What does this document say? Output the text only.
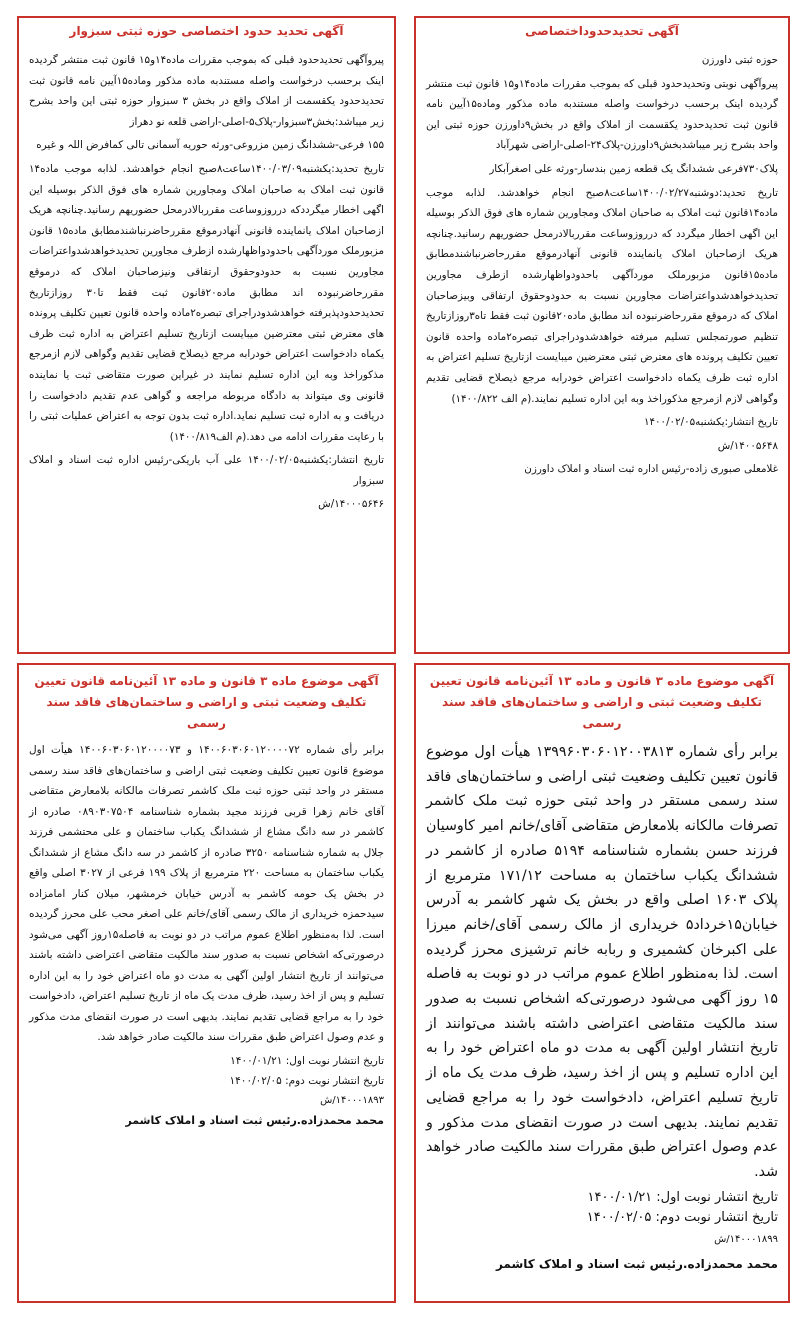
آگهی تحدیدحدوداختصاصی

حوزه ثبتی داورزن

پیروآگهی نوبتی وتحدیدحدود قبلی که بموجب مقررات ماده۱۴و۱۵ قانون ثبت منتشر گردیده اینک برحسب درخواست واصله مستندبه ماده مذکور وماده۱۵آیین نامه قانون ثبت تحدیدحدود یکقسمت از املاک واقع در بخش۹داورزن حوزه ثبتی این واحد بشرح زیر میباشدبخش۹داورزن-پلاک۲۴-اصلی-اراضی شهرآباد

پلاک۷۳۰فرعی ششدانگ یک قطعه زمین بندسار-ورثه علی اصغرآبکار

تاریخ تحدید:دوشنبه۱۴۰۰/۰۲/۲۷ساعت۸صبح انجام خواهدشد. لذابه موجب ماده۱۴قانون ثبت املاک به صاحبان املاک ومجاورین شماره های فوق الذکر بوسیله این اگهی اخطار میگردد که درروزوساعت مقرربالادرمحل حضوریهم رسانید.چنانچه هریک ازصاحبان املاک یانماینده قانونی آنهادرموقع مقررحاضرنباشندمطابق ماده۱۵قانون مزبورملک موردآگهی باحدودواظهارشده ازطرف مجاورین تحدیدخواهدشدواعتراضات مجاورین نسبت به حدودوحقوق ارتفاقی وبیزصاحبان املاک که درموقع مقررحاضرنبوده اند مطابق ماده۲۰قانون ثبت فقط تاه۳روزازتاریخ تنظیم صورتمجلس تسلیم مبرفته خواهدشدودراجرای تبصره۲ماده واحده قانون تعیین تکلیف پرونده های معترض ثبتی معترضین میبایست ازتاریخ تسلیم اعتراض به اداره ثبت ظرف یکماه دادخواست اعتراض خودرابه مرجع ذیصلاح قضایی تقدیم وگواهی لازم ازمرجع مذکوراخذ وبه این اداره تسلیم نمایند.(م الف ۱۴۰۰/۸۲۲)

تاریخ انتشار:یکشنبه۱۴۰۰/۰۲/۰۵

۱۴۰۰۵۶۴۸/ش

غلامعلی صبوری زاده-رئیس اداره ثبت اسناد و املاک داورزن

آگهی تحدید حدود اختصاصی حوزه ثبتی سبزوار

پیروآگهی تحدیدحدود قبلی که بموجب مقررات ماده۱۴و۱۵ قانون ثبت منتشر گردیده اینک برحسب درخواست واصله مستندبه ماده مذکور وماده۱۵آیین نامه قانون ثبت تحدیدحدود یکقسمت از املاک واقع در بخش ۳ سبزوار حوزه ثبتی این واحد بشرح زیر میباشد:بخش۳سبزوار-پلاک۵-اصلی-اراضی قلعه نو دهراز

۱۵۵ فرعی-ششدانگ زمین مزروعی-ورثه حوریه آسمانی تالی کمافرض اللہ و غیره

تاریخ تحدید:یکشنبه۱۴۰۰/۰۳/۰۹ساعت۸صبح انجام خواهدشد. لذابه موجب ماده۱۴ قانون ثبت املاک به صاحبان املاک ومجاورین شماره های فوق الذکر بوسیله این اگهی اخطار میگرددکه درروزوساعت مقرربالادرمحل حضوریهم رسانید.چنانچه هریک ازصاحبان املاک یانماینده قانونی آنهادرموقع مقررحاضرنباشندمطابق ماده۱۵ قانون مزبورملک موردآگهی باحدودواظهارشده ازطرف مجاورین تحدیدخواهدشدواعتراضات مجاورین نسبت به حدودوحقوق ارتفاقی ونیزصاحبان املاک که درموقع مقررحاضرنبوده اند مطابق ماده۲۰قانون ثبت فقط تا۳۰ روزازتاریخ تحدیدحدودپذیرفته خواهدشدودراجرای تبصره۲ماده واحده قانون تعیین تکلیف پرونده های معترض ثبتی معترضین میبایست ازتاریخ تسلیم اعتراض به اداره ثبت ظرف یکماه دادخواست اعتراض خودرابه مرجع ذیصلاح قضایی تقدیم وگواهی لازم ازمرجع مذکوراخذ وبه این اداره تسلیم نمایند در غیراین صورت متقاضی ثبت یا نماینده قانونی وی میتواند به دادگاه مربوطه مراجعه و گواهی عدم تقدیم دادخواست را دریافت و به اداره ثبت تسلیم نماید.اداره ثبت بدون توجه به اعتراض عملیات ثبتی را با رعایت مقررات ادامه می دهد.(م الف۱۴۰۰/۸۱۹)

تاریخ انتشار:یکشنبه۱۴۰۰/۰۲/۰۵ علی آب باریکی-رئیس اداره ثبت اسناد و املاک سبزوار

۱۴۰۰۰۵۶۴۶/ش

آگهی موضوع ماده ۳ قانون و ماده ۱۳ آئین‌نامه قانون تعیین تکلیف وضعیت ثبتی و اراضی و ساختمان‌های فاقد سند رسمی

برابر رأی شماره ۱۳۹۹۶۰۳۰۶۰۱۲۰۰۳۸۱۳ هیأت اول موضوع قانون تعیین تکلیف وضعیت ثبتی اراضی و ساختمان‌های فاقد سند رسمی مستقر در واحد ثبتی حوزه ثبت ملک کاشمر تصرفات مالکانه بلامعارض متقاضی آقای/خانم امیر کاوسیان فرزند حسن بشماره شناسنامه ۵۱۹۴ صادره از کاشمر در ششدانگ یکباب ساختمان به مساحت ۱۷۱/۱۲ مترمربع از پلاک ۱۶۰۳ اصلی واقع در بخش یک شهر کاشمر به آدرس خیابان۱۵خرداد۵ خریداری از مالک رسمی آقای/خانم میرزا علی اکبرخان کشمیری و ربابه خانم ترشیزی محرز گردیده است. لذا به‌منظور اطلاع عموم مراتب در دو نوبت به فاصله ۱۵ روز آگهی می‌شود درصورتی‌که اشخاص نسبت به صدور سند مالکیت متقاضی اعتراضی داشته باشند می‌توانند از تاریخ انتشار اولین آگهی به مدت دو ماه اعتراض خود را به این اداره تسلیم و پس از اخذ رسید، ظرف مدت یک ماه از تاریخ تسلیم اعتراض، دادخواست خود را به مراجع قضایی تقدیم نمایند. بدیهی است در صورت انقضای مدت مذکور و عدم وصول اعتراض طبق مقررات سند مالکیت صادر خواهد شد.

تاریخ انتشار نوبت اول: ۱۴۰۰/۰۱/۲۱
تاریخ انتشار نوبت دوم: ۱۴۰۰/۰۲/۰۵
۱۴۰۰۰۱۸۹۹/ش
محمد محمدزاده.رئیس ثبت اسناد و املاک کاشمر
آگهی موضوع ماده ۳ قانون و ماده ۱۳ آئین‌نامه قانون تعیین تکلیف وضعیت ثبتی و اراضی و ساختمان‌های فاقد سند رسمی

برابر رأی شماره ۱۴۰۰۶۰۳۰۶۰۱۲۰۰۰۰۷۲ و ۱۴۰۰۶۰۳۰۶۰۱۲۰۰۰۰۷۳ هیأت اول موضوع قانون تعیین تکلیف وضعیت ثبتی اراضی و ساختمان‌های فاقد سند رسمی مستقر در واحد ثبتی حوزه ثبت ملک کاشمر تصرفات مالکانه بلامعارض متقاضی آقای خانم زهرا قربی فرزند مجید بشماره شناسنامه ۰۸۹۰۳۰۷۵۰۴ صادره از کاشمر در سه دانگ مشاع از ششدانگ یکباب ساختمان و علی محتشمی فرزند جلال به شماره شناسنامه ۳۲۵۰ صادره از کاشمر در سه دانگ مشاع از ششدانگ یکباب ساختمان به مساحت ۲۲۰ مترمربع از پلاک ۱۹۹ فرعی از ۳۰۲۷ اصلی واقع در بخش یک حومه کاشمر به آدرس خیابان خرمشهر، میلان کنار امامزاده سیدحمزه خریداری از مالک رسمی آقای/خانم علی اصغر محب علی محرز گردیده است. لذا به‌منظور اطلاع عموم مراتب در دو نوبت به فاصله۱۵روز آگهی می‌شود درصورتی‌که اشخاص نسبت به صدور سند مالکیت متقاضی اعتراضی داشته باشند می‌توانند از تاریخ انتشار اولین آگهی به مدت دو ماه اعتراض خود را به این اداره تسلیم و پس از اخذ رسید، ظرف مدت یک ماه از تاریخ تسلیم اعتراض، دادخواست خود را به مراجع قضایی تقدیم نمایند. بدیهی است در صورت انقضای مدت مذکور و عدم وصول اعتراض طبق مقررات سند مالکیت صادر خواهد شد.

تاریخ انتشار نوبت اول: ۱۴۰۰/۰۱/۲۱
تاریخ انتشار نوبت دوم: ۱۴۰۰/۰۲/۰۵
۱۴۰۰۰۱۸۹۳/ش
محمد محمدزاده.رئیس ثبت اسناد و املاک کاشمر
